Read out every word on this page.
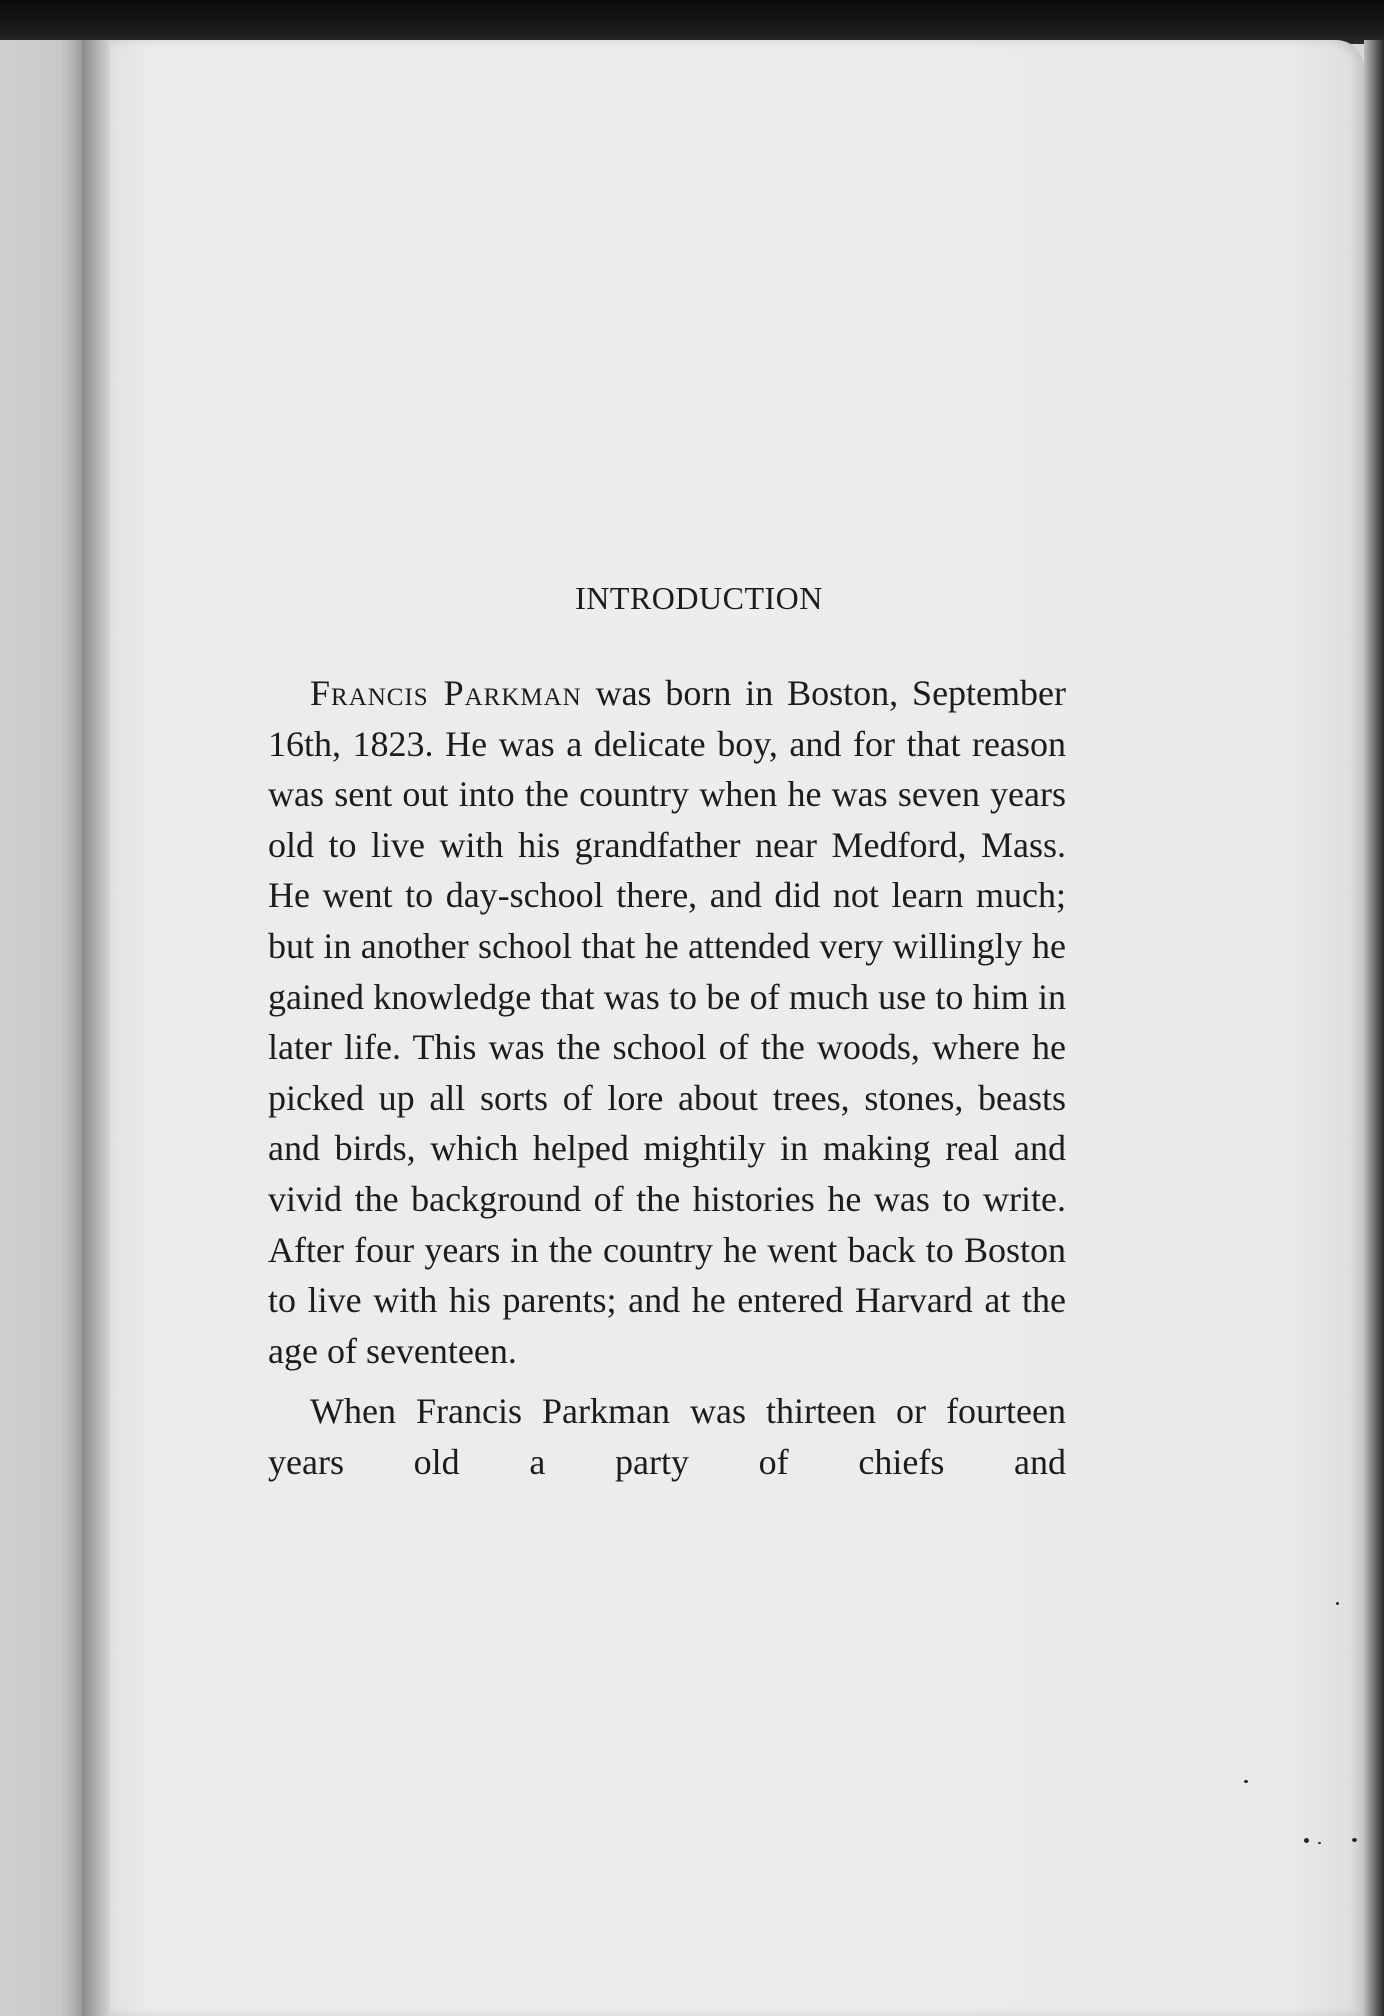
INTRODUCTION

Francis Parkman was born in Boston, September 16th, 1823. He was a delicate boy, and for that reason was sent out into the country when he was seven years old to live with his grandfather near Medford, Mass. He went to day-school there, and did not learn much; but in another school that he attended very willingly he gained knowledge that was to be of much use to him in later life. This was the school of the woods, where he picked up all sorts of lore about trees, stones, beasts and birds, which helped mightily in making real and vivid the background of the histories he was to write. After four years in the country he went back to Boston to live with his parents; and he entered Harvard at the age of seventeen.

When Francis Parkman was thirteen or fourteen years old a party of chiefs and
